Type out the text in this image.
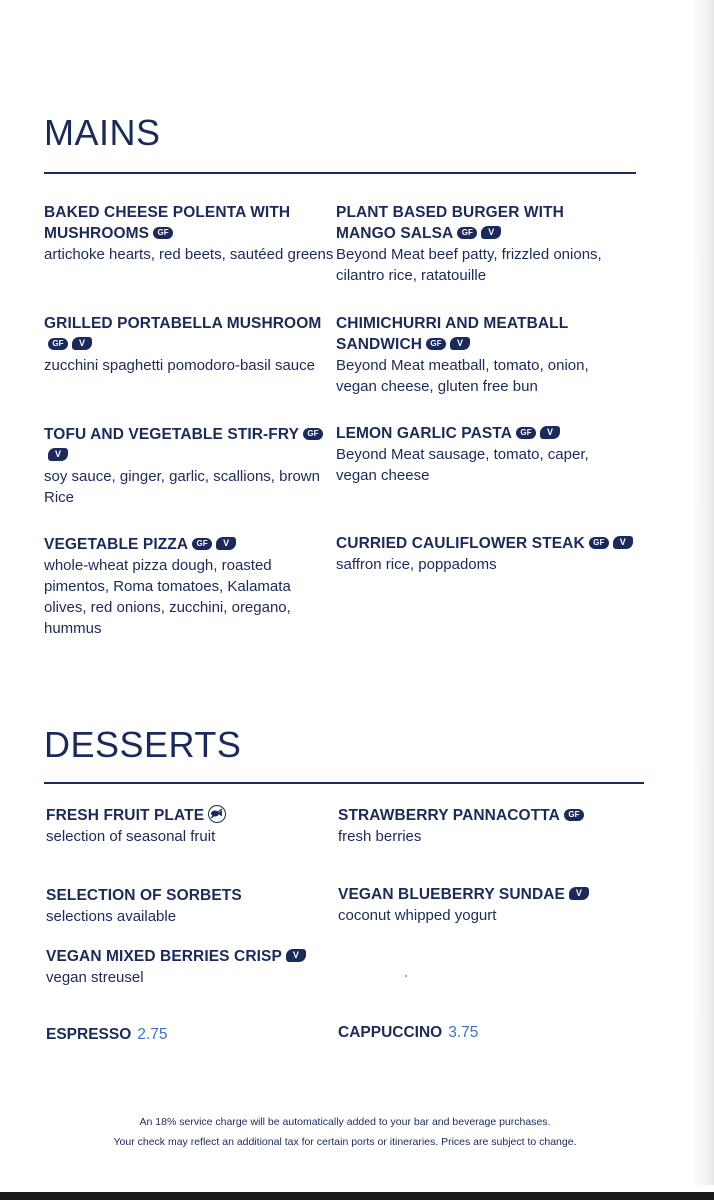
MAINS
BAKED CHEESE POLENTA WITH MUSHROOMS GF
artichoke hearts, red beets, sautéed greens
PLANT BASED BURGER WITH MANGO SALSA GF V
Beyond Meat beef patty, frizzled onions, cilantro rice, ratatouille
GRILLED PORTABELLA MUSHROOMGF V
zucchini spaghetti pomodoro-basil sauce
CHIMICHURRI AND MEATBALL SANDWICH GF V
Beyond Meat meatball, tomato, onion, vegan cheese, gluten free bun
TOFU AND VEGETABLE STIR-FRY GFV
soy sauce, ginger, garlic, scallions, brown Rice
LEMON GARLIC PASTA GF V
Beyond Meat sausage, tomato, caper, vegan cheese
VEGETABLE PIZZA GF V
whole-wheat pizza dough, roasted pimentos, Roma tomatoes, Kalamata olives, red onions, zucchini, oregano, hummus
CURRIED CAULIFLOWER STEAK GF V
saffron rice, poppadoms
DESSERTS
FRESH FRUIT PLATE
selection of seasonal fruit
STRAWBERRY PANNACOTTA GF
fresh berries
SELECTION OF SORBETS
selections available
VEGAN BLUEBERRY SUNDAE V
coconut whipped yogurt
VEGAN MIXED BERRIES CRISP V
vegan streusel
ESPRESSO 2.75	CAPPUCCINO 3.75
An 18% service charge will be automatically added to your bar and beverage purchases.
Your check may reflect an additional tax for certain ports or itineraries. Prices are subject to change.
